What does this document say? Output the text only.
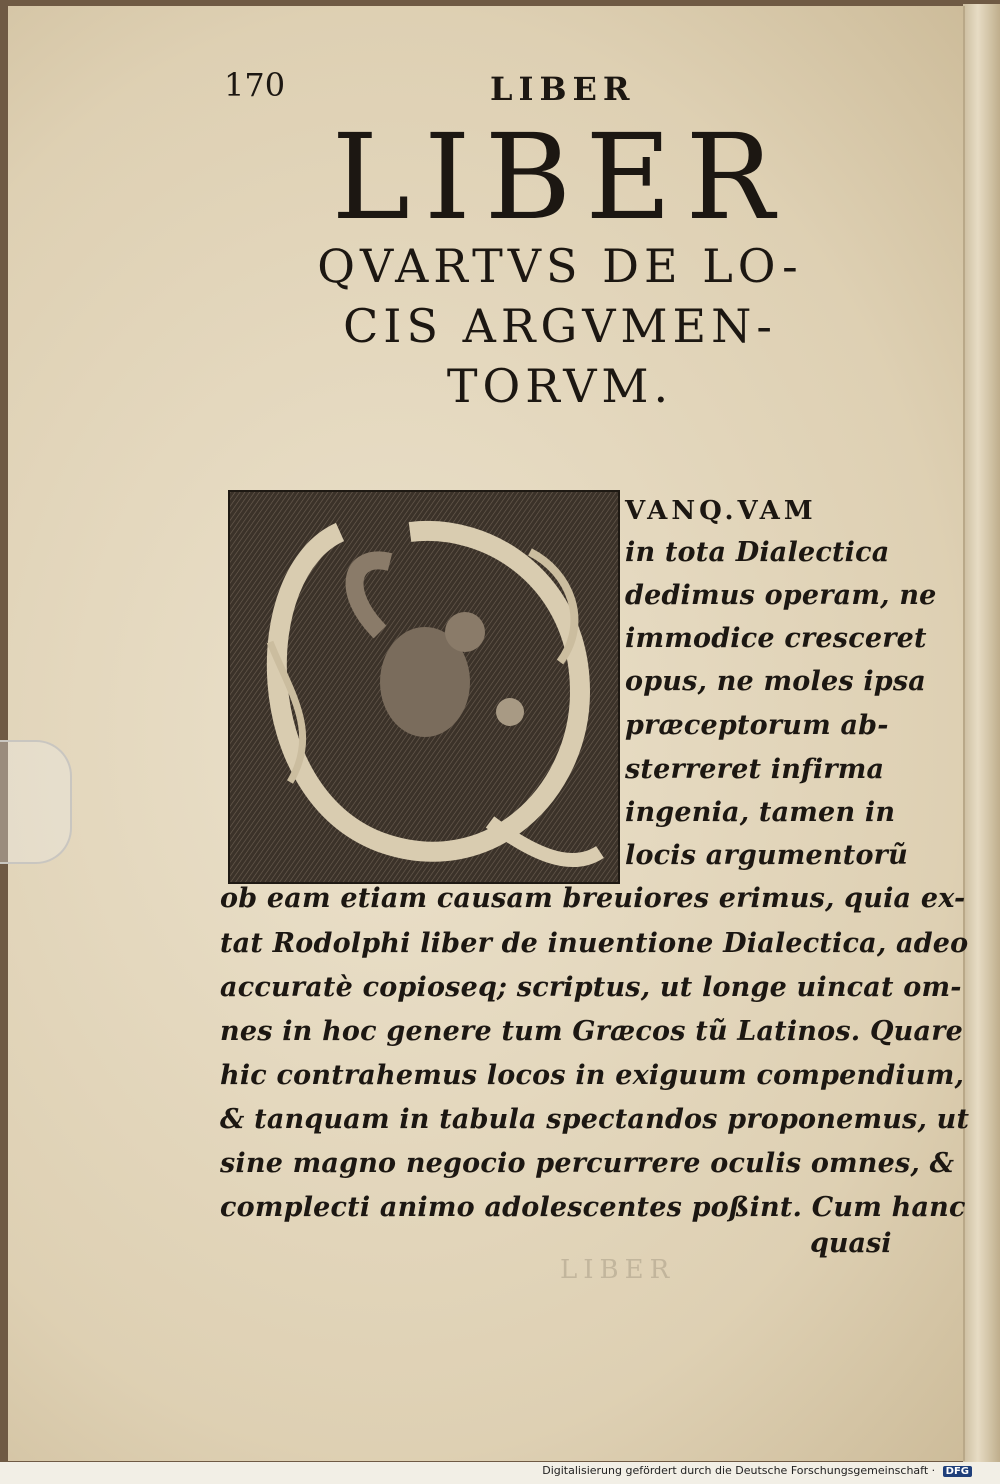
170	LIBER
LIBER
QVARTVS DE LO-
CIS ARGVMEN-
TORVM.
VANQ.VAM
in tota Dialectica
dedimus operam, ne
immodice cresceret
opus, ne moles ipsa
præceptorum ab-
sterreret infirma
ingenia, tamen in
locis argumentorũ
ob eam etiam causam breuiores erimus, quia ex-
tat Rodolphi liber de inuentione Dialectica, adeo
accuratè copioseq; scriptus, ut longe uincat om-
nes in hoc genere tum Græcos tũ Latinos. Quare
hic contrahemus locos in exiguum compendium,
& tanquam in tabula spectandos proponemus, ut
sine magno negocio percurrere oculis omnes, &
complecti animo adolescentes poßint. Cum hanc
quasi
LIBER
Digitalisierung gefördert durch die Deutsche Forschungsgemeinschaft · DFG
